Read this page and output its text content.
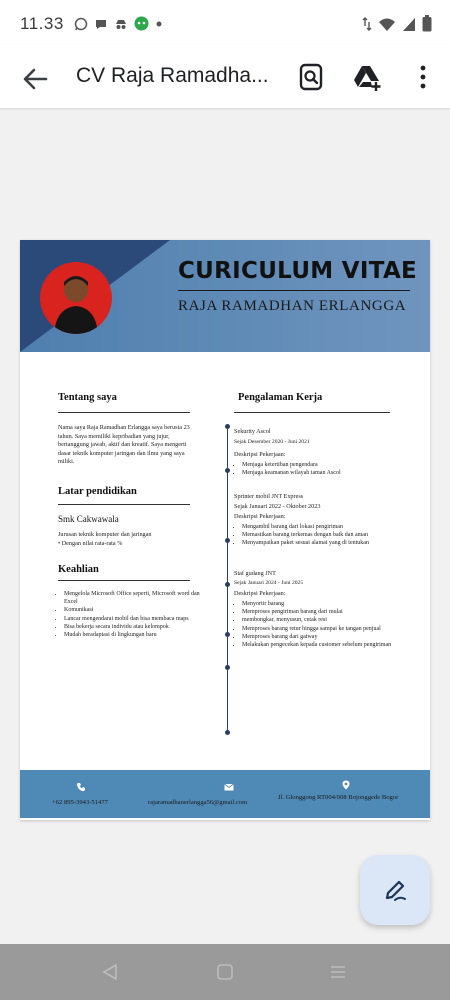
11.33
CV Raja Ramadha...
CURICULUM VITAE
RAJA RAMADHAN ERLANGGA
Tentang saya
Nama saya Raja Ramadhan Erlangga saya berusia 23 tahun. Saya memiliki kepribadian yang jujur, bertanggung jawab, aktif dan kreatif. Saya mengerti dasar teknik komputer jaringan dan ilmu yang saya miliki.
Latar pendidikan
Smk Cakwawala
Jurusan teknik komputer dan jaringan
• Dengan nilai rata-rata %
Keahlian
• Mengelola Microsoft Office seperti, Microsoft word dan Excel
• Komunikasi
• Lancar mengendarai mobil dan bisa membaca maps
• Bisa bekerja secara individu atau kelompok
• Mudah beradaptasi di lingkungan baru
Pengalaman Kerja
Sekurity Ascol
Sejak Desember 2020 - Juni 2021
Deskripsi Pekerjaan:
• Menjaga ketertiban pengendara
• Menjaga keamanan wilayah taman Ascol
Sprinter mobil JNT Express
Sejak Januari 2022 - Oktober 2023
Deskripsi Pekerjaan:
• Mengambil barang dari lokasi pengiriman
• Memastikan barang terkemas dengan baik dan aman
• Menyampaikan paket sesuai alamat yang di tentukan
Staf gudang JNT
Sejak Januari 2024 - Juni 2025
Deskripsi Pekerjaan:
• Menyortir barang
• Memproses pengiriman barang dari mulai
• membongkar, menyusun, cetak resi
• Memproses barang retur hingga sampai ke tangan penjual
• Memproses barang dari gatway
• Melakukan pengecekan kepada customer sebelum pengiriman
+62 895-3943-51477	rajaramadhanerlangga56@gmail.com
Jl. Glonggong RT004/008 Bojonggede Bogor
